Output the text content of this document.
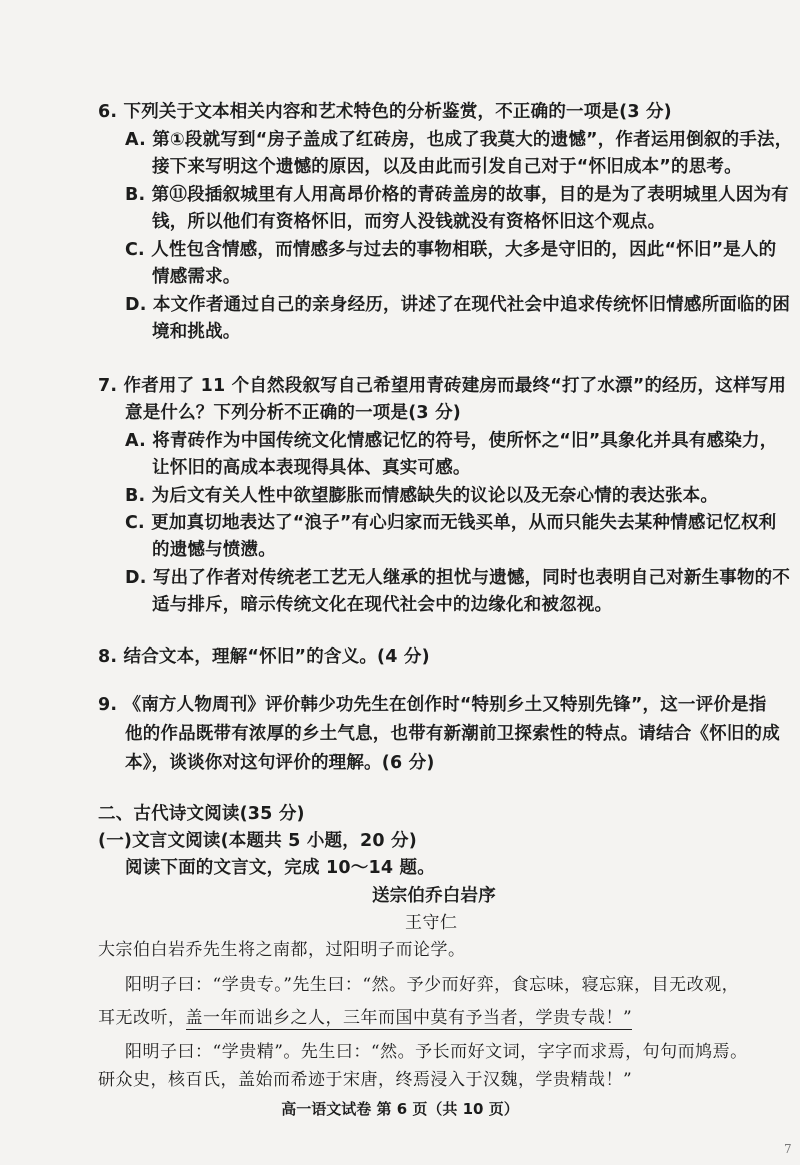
6. 下列关于文本相关内容和艺术特色的分析鉴赏，不正确的一项是(3 分)
A. 第①段就写到“房子盖成了红砖房，也成了我莫大的遗憾”，作者运用倒叙的手法，
接下来写明这个遗憾的原因，以及由此而引发自己对于“怀旧成本”的思考。
B. 第⑪段插叙城里有人用高昂价格的青砖盖房的故事，目的是为了表明城里人因为有
钱，所以他们有资格怀旧，而穷人没钱就没有资格怀旧这个观点。
C. 人性包含情感，而情感多与过去的事物相联，大多是守旧的，因此“怀旧”是人的
情感需求。
D. 本文作者通过自己的亲身经历，讲述了在现代社会中追求传统怀旧情感所面临的困
境和挑战。
7. 作者用了 11 个自然段叙写自己希望用青砖建房而最终“打了水漂”的经历，这样写用
意是什么？下列分析不正确的一项是(3 分)
A. 将青砖作为中国传统文化情感记忆的符号，使所怀之“旧”具象化并具有感染力，
让怀旧的高成本表现得具体、真实可感。
B. 为后文有关人性中欲望膨胀而情感缺失的议论以及无奈心情的表达张本。
C. 更加真切地表达了“浪子”有心归家而无钱买单，从而只能失去某种情感记忆权利
的遗憾与愤懑。
D. 写出了作者对传统老工艺无人继承的担忧与遗憾，同时也表明自己对新生事物的不
适与排斥，暗示传统文化在现代社会中的边缘化和被忽视。
8. 结合文本，理解“怀旧”的含义。(4 分)
9. 《南方人物周刊》评价韩少功先生在创作时“特别乡土又特别先锋”，这一评价是指
他的作品既带有浓厚的乡土气息，也带有新潮前卫探索性的特点。请结合《怀旧的成
本》，谈谈你对这句评价的理解。(6 分)
二、古代诗文阅读(35 分)
(一)文言文阅读(本题共 5 小题，20 分)
阅读下面的文言文，完成 10～14 题。
送宗伯乔白岩序
王守仁
大宗伯白岩乔先生将之南都，过阳明子而论学。
阳明子曰：“学贵专。”先生曰：“然。予少而好弈，食忘味，寝忘寐，目无改观，
耳无改听，盖一年而诎乡之人，三年而国中莫有予当者，学贵专哉！”
阳明子曰：“学贵精”。先生曰：“然。予长而好文词，字字而求焉，句句而鸠焉。
研众史，核百氏，盖始而希迹于宋唐，终焉浸入于汉魏，学贵精哉！”
高一语文试卷 第 6 页（共 10 页）
7
